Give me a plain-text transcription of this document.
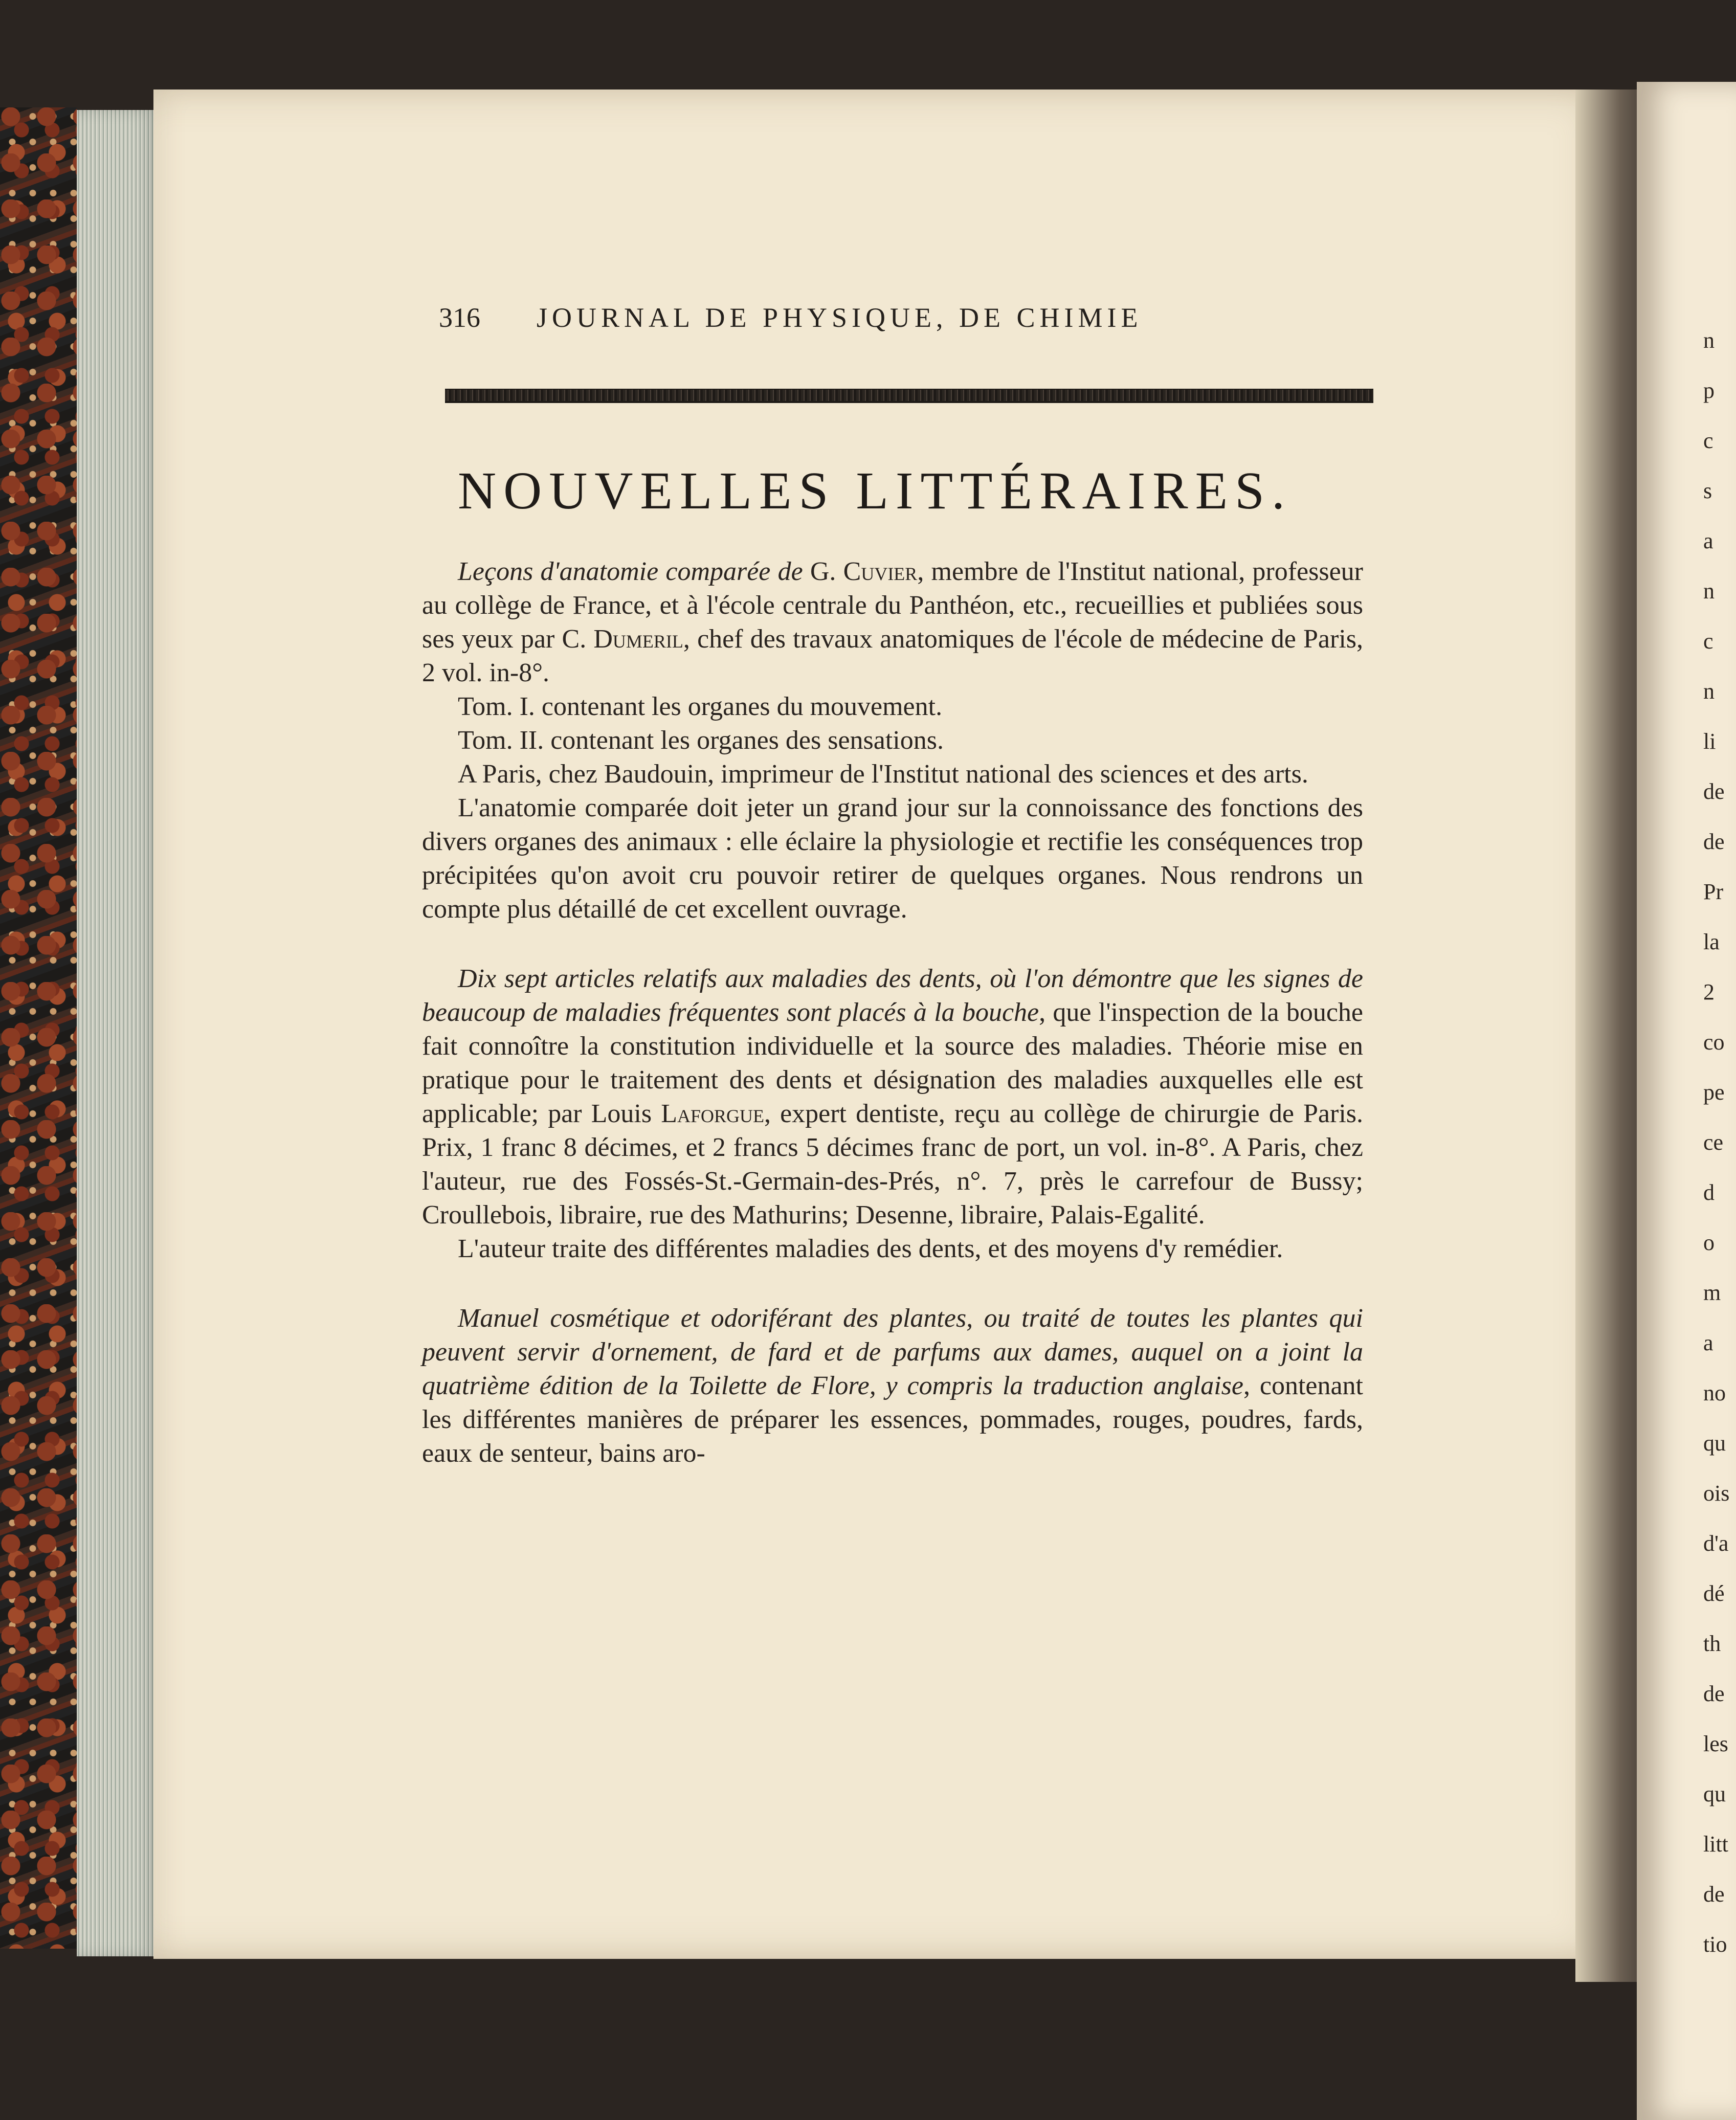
n
p
c
s
a
n
c
n
li
de
de
Pr
la
2
co
pe
ce
d
o
m
a
no
qu
ois
d'a
dé
th
de
les
qu
litt
de
tio
316 JOURNAL DE PHYSIQUE, DE CHIMIE
NOUVELLES LITTÉRAIRES.

Leçons d'anatomie comparée de G. Cuvier, membre de l'Institut national, professeur au collège de France, et à l'école centrale du Panthéon, etc., recueillies et publiées sous ses yeux par C. Dumeril, chef des travaux anatomiques de l'école de médecine de Paris, 2 vol. in-8°.

Tom. I. contenant les organes du mouvement.

Tom. II. contenant les organes des sensations.

A Paris, chez Baudouin, imprimeur de l'Institut national des sciences et des arts.

L'anatomie comparée doit jeter un grand jour sur la connoissance des fonctions des divers organes des animaux : elle éclaire la physiologie et rectifie les conséquences trop précipitées qu'on avoit cru pouvoir retirer de quelques organes. Nous rendrons un compte plus détaillé de cet excellent ouvrage.

Dix sept articles relatifs aux maladies des dents, où l'on démontre que les signes de beaucoup de maladies fréquentes sont placés à la bouche, que l'inspection de la bouche fait connoître la constitution individuelle et la source des maladies. Théorie mise en pratique pour le traitement des dents et désignation des maladies auxquelles elle est applicable; par Louis Laforgue, expert dentiste, reçu au collège de chirurgie de Paris. Prix, 1 franc 8 décimes, et 2 francs 5 décimes franc de port, un vol. in-8°. A Paris, chez l'auteur, rue des Fossés-St.-Germain-des-Prés, n°. 7, près le carrefour de Bussy; Croullebois, libraire, rue des Mathurins; Desenne, libraire, Palais-Egalité.

L'auteur traite des différentes maladies des dents, et des moyens d'y remédier.

Manuel cosmétique et odoriférant des plantes, ou traité de toutes les plantes qui peuvent servir d'ornement, de fard et de parfums aux dames, auquel on a joint la quatrième édition de la Toilette de Flore, y compris la traduction anglaise, contenant les différentes manières de préparer les essences, pommades, rouges, poudres, fards, eaux de senteur, bains aro-
